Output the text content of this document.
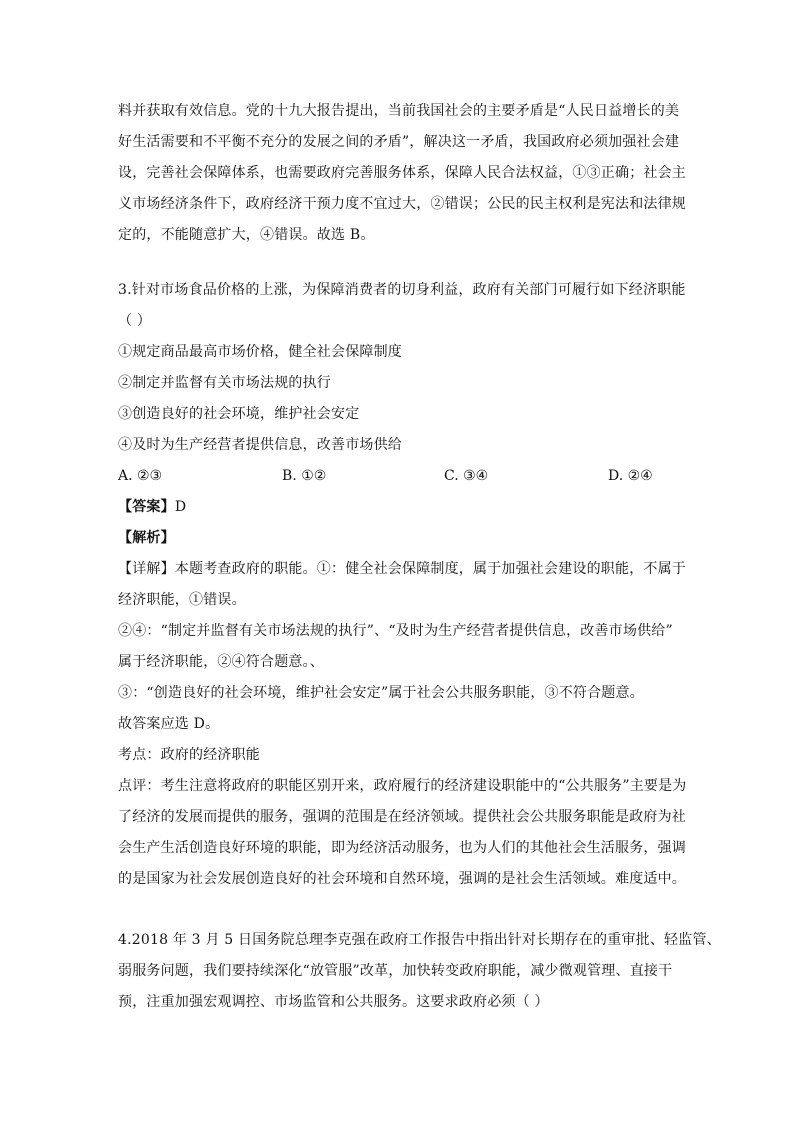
料并获取有效信息。党的十九大报告提出，当前我国社会的主要矛盾是“人民日益增长的美
好生活需要和不平衡不充分的发展之间的矛盾”，解决这一矛盾，我国政府必须加强社会建
设，完善社会保障体系，也需要政府完善服务体系，保障人民合法权益，①③正确；社会主
义市场经济条件下，政府经济干预力度不宜过大，②错误；公民的民主权利是宪法和法律规
定的，不能随意扩大，④错误。故选 B。
3.针对市场食品价格的上涨，为保障消费者的切身利益，政府有关部门可履行如下经济职能
（ ）
①规定商品最高市场价格，健全社会保障制度
②制定并监督有关市场法规的执行
③创造良好的社会环境，维护社会安定
④及时为生产经营者提供信息，改善市场供给
A. ②③	B. ①②	C. ③④	D. ②④
【答案】D
【解析】
【详解】本题考查政府的职能。①：健全社会保障制度，属于加强社会建设的职能，不属于
经济职能，①错误。
②④：“制定并监督有关市场法规的执行”、“及时为生产经营者提供信息，改善市场供给”
属于经济职能，②④符合题意。、
③：“创造良好的社会环境，维护社会安定”属于社会公共服务职能，③不符合题意。
故答案应选 D。
考点：政府的经济职能
点评：考生注意将政府的职能区别开来，政府履行的经济建设职能中的“公共服务”主要是为
了经济的发展而提供的服务，强调的范围是在经济领域。提供社会公共服务职能是政府为社
会生产生活创造良好环境的职能，即为经济活动服务，也为人们的其他社会生活服务，强调
的是国家为社会发展创造良好的社会环境和自然环境，强调的是社会生活领域。难度适中。
4.2018 年 3 月 5 日国务院总理李克强在政府工作报告中指出针对长期存在的重审批、轻监管、
弱服务问题，我们要持续深化“放管服”改革，加快转变政府职能，减少微观管理、直接干
预，注重加强宏观调控、市场监管和公共服务。这要求政府必须（ ）
